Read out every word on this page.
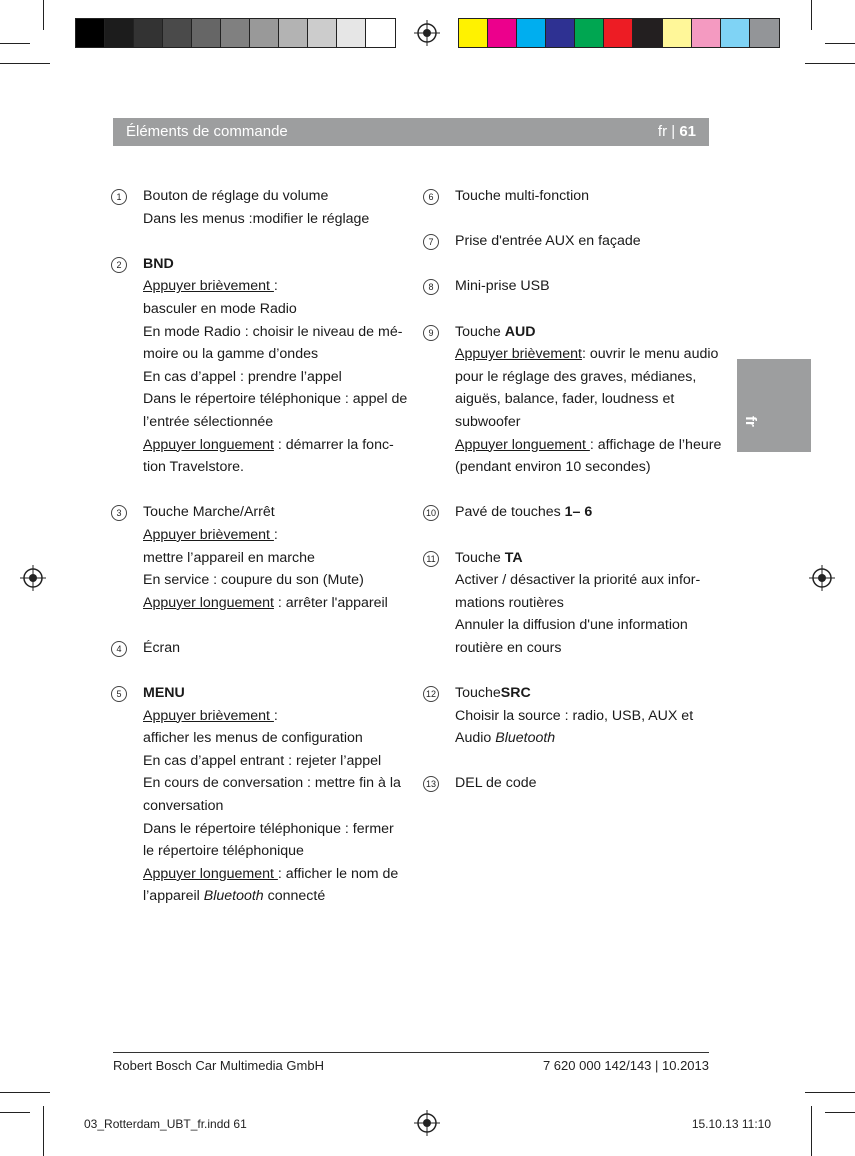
Éléments de commande	fr | 61
fr
1	Bouton de réglage du volume
Dans les menus :modifier le réglage
2	BND
Appuyer brièvement :
basculer en mode Radio
En mode Radio : choisir le niveau de mé-
moire ou la gamme d’ondes
En cas d’appel : prendre l’appel
Dans le répertoire téléphonique : appel de
l’entrée sélectionnée
Appuyer longuement : démarrer la fonc-
tion Travelstore.
3	Touche Marche/Arrêt
Appuyer brièvement :
mettre l’appareil en marche
En service : coupure du son (Mute)
Appuyer longuement : arrêter l'appareil
4	Écran
5	MENU
Appuyer brièvement :
afficher les menus de configuration
En cas d’appel entrant : rejeter l’appel
En cours de conversation : mettre fin à la
conversation
Dans le répertoire téléphonique : fermer
le répertoire téléphonique
Appuyer longuement : afficher le nom de
l’appareil Bluetooth connecté
6	Touche multi-fonction
7	Prise d'entrée AUX en façade
8	Mini-prise USB
9	Touche AUD
Appuyer brièvement: ouvrir le menu audio
pour le réglage des graves, médianes,
aiguës, balance, fader, loudness et
subwoofer
Appuyer longuement : affichage de l’heure
(pendant environ 10 secondes)
10 Pavé de touches 1– 6
11 Touche TA
Activer / désactiver la priorité aux infor-
mations routières
Annuler la diffusion d'une information
routière en cours
12 ToucheSRC
Choisir la source : radio, USB, AUX et
Audio Bluetooth
13 DEL de code
Robert Bosch Car Multimedia GmbH	7 620 000 142/143 | 10.2013
03_Rotterdam_UBT_fr.indd 61	15.10.13 11:10
